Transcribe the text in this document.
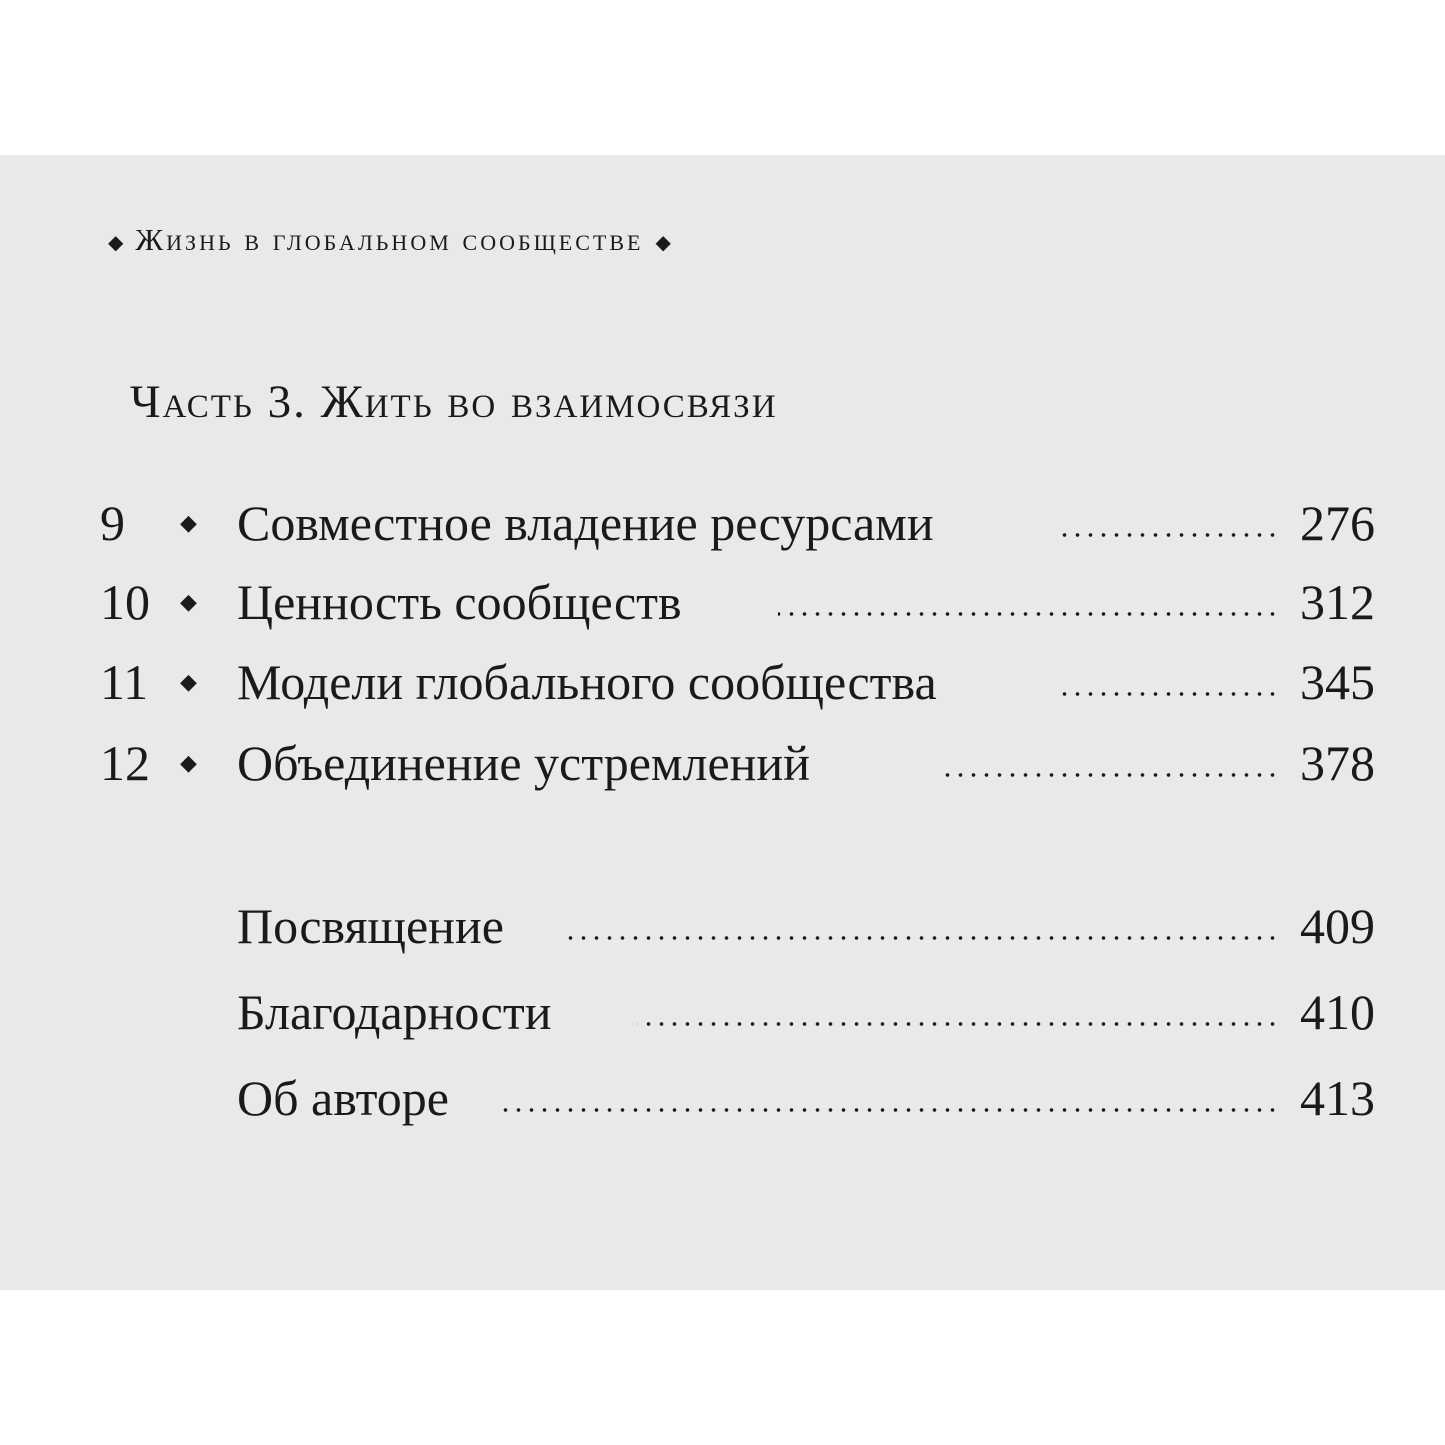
◆ Жизнь в глобальном сообществе ◆
Часть 3. Жить во взаимосвязи
9	◆ Совместное владение ресурсами	276
10	◆ Ценность сообществ	312
11	◆ Модели глобального сообщества	345
12	◆ Объединение устремлений	378
Посвящение	409
Благодарности	410
Об авторе	413
